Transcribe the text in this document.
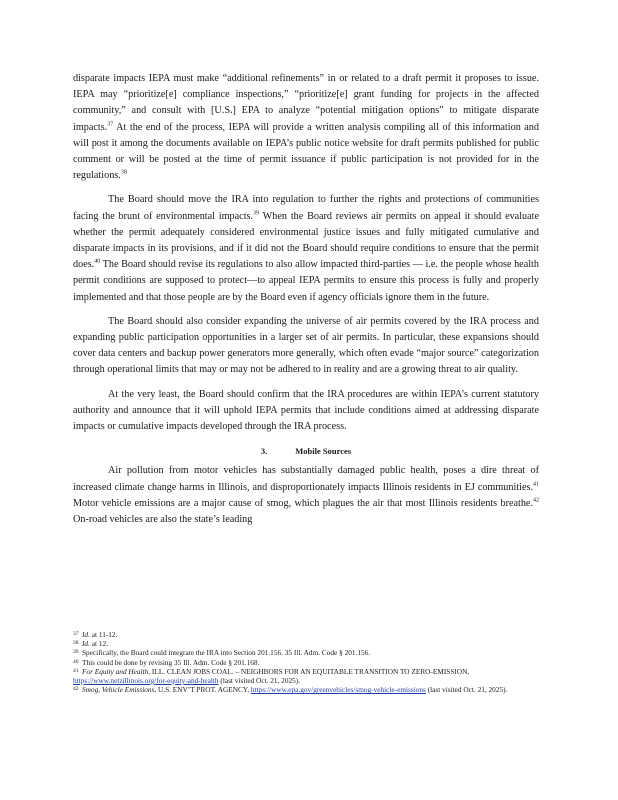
disparate impacts IEPA must make “additional refinements” in or related to a draft permit it proposes to issue. IEPA may “prioritize[e] compliance inspections,” “prioritize[e] grant funding for projects in the affected community,” and consult with [U.S.] EPA to analyze “potential mitigation options” to mitigate disparate impacts.$^{37}$ At the end of the process, IEPA will provide a written analysis compiling all of this information and will post it among the documents available on IEPA’s public notice website for draft permits published for public comment or will be posted at the time of permit issuance if public participation is not provided for in the regulations.$^{38}$

The Board should move the IRA into regulation to further the rights and protections of communities facing the brunt of environmental impacts.$^{39}$ When the Board reviews air permits on appeal it should evaluate whether the permit adequately considered environmental justice issues and fully mitigated cumulative and disparate impacts in its provisions, and if it did not the Board should require conditions to ensure that the permit does.$^{40}$ The Board should revise its regulations to also allow impacted third-parties — i.e. the people whose health permit conditions are supposed to protect—to appeal IEPA permits to ensure this process is fully and properly implemented and that those people are by the Board even if agency officials ignore them in the future.

The Board should also consider expanding the universe of air permits covered by the IRA process and expanding public participation opportunities in a larger set of air permits. In particular, these expansions should cover data centers and backup power generators more generally, which often evade “major source” categorization through operational limits that may or may not be adhered to in reality and are a growing threat to air quality.

At the very least, the Board should confirm that the IRA procedures are within IEPA’s current statutory authority and announce that it will uphold IEPA permits that include conditions aimed at addressing disparate impacts or cumulative impacts developed through the IRA process.

3.	Mobile Sources

Air pollution from motor vehicles has substantially damaged public health, poses a dire threat of increased climate change harms in Illinois, and disproportionately impacts Illinois residents in EJ communities.$^{41}$ Motor vehicle emissions are a major cause of smog, which plagues the air that most Illinois residents breathe.$^{42}$ On-road vehicles are also the state’s leading

37 Id. at 11-12.
38 Id. at 12.
39 Specifically, the Board could integrate the IRA into Section 201.156. 35 Ill. Adm. Code § 201.156.
40 This could be done by revising 35 Ill. Adm. Code § 201.168.
41 For Equity and Health, ILL. CLEAN JOBS COAL. – NEIGHBORS FOR AN EQUITABLE TRANSITION TO ZERO-EMISSION, https://www.netzillinois.org/for-equity-and-health (last visited Oct. 21, 2025).
42 Smog, Vehicle Emissions, U.S. ENV’T PROT. AGENCY, https://www.epa.gov/greenvehicles/smog-vehicle-emissions (last visited Oct. 21, 2025).
